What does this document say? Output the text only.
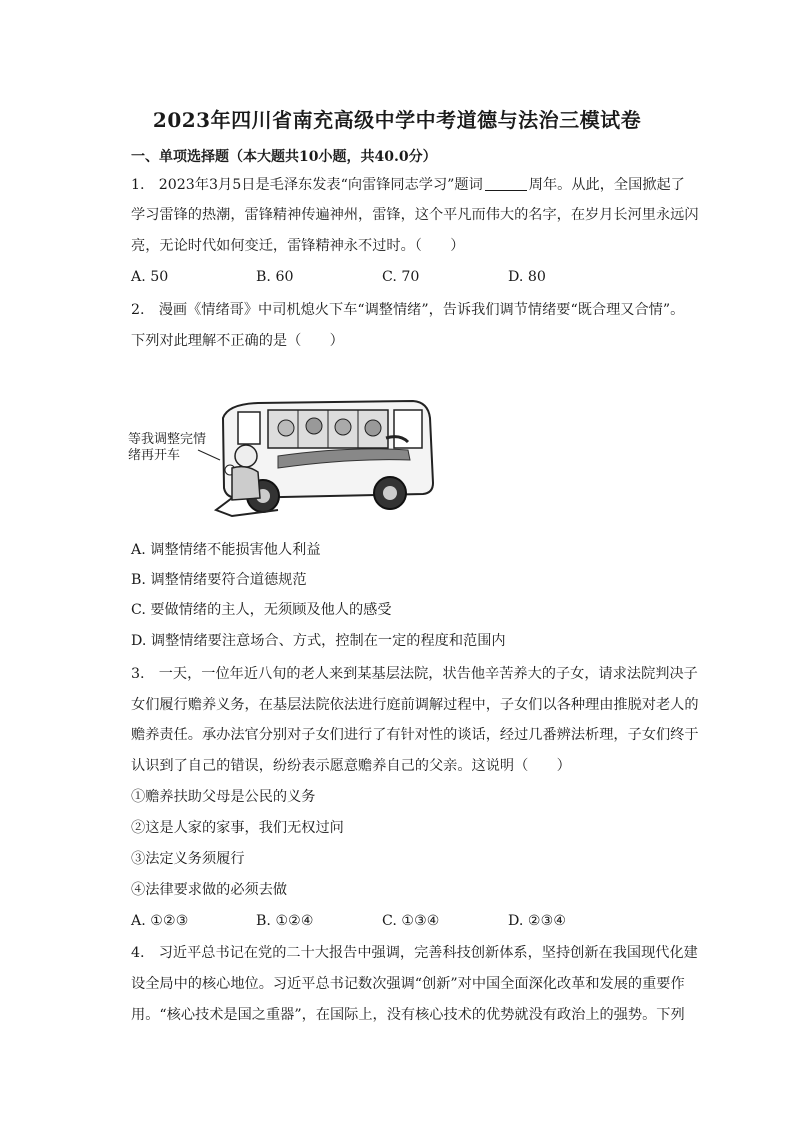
2023年四川省南充高级中学中考道德与法治三模试卷
一、单项选择题（本大题共10小题，共40.0分）
1.　2023年3月5日是毛泽东发表“向雷锋同志学习”题词	周年。从此，全国掀起了
学习雷锋的热潮，雷锋精神传遍神州，雷锋，这个平凡而伟大的名字，在岁月长河里永远闪
亮，无论时代如何变迁，雷锋精神永不过时。（　　）
A. 50	B. 60	C. 70	D. 80
2.　漫画《情绪哥》中司机熄火下车“调整情绪”，告诉我们调节情绪要“既合理又合情”。
下列对此理解不正确的是（　　）
等我调整完情绪再开车
A. 调整情绪不能损害他人利益
B. 调整情绪要符合道德规范
C. 要做情绪的主人，无须顾及他人的感受
D. 调整情绪要注意场合、方式，控制在一定的程度和范围内
3.　一天，一位年近八旬的老人来到某基层法院，状告他辛苦养大的子女，请求法院判决子
女们履行赡养义务，在基层法院依法进行庭前调解过程中，子女们以各种理由推脱对老人的
赡养责任。承办法官分别对子女们进行了有针对性的谈话，经过几番辨法析理，子女们终于
认识到了自己的错误，纷纷表示愿意赡养自己的父亲。这说明（　　）
①赡养扶助父母是公民的义务
②这是人家的家事，我们无权过问
③法定义务须履行
④法律要求做的必须去做
A. ①②③	B. ①②④	C. ①③④	D. ②③④
4.　习近平总书记在党的二十大报告中强调，完善科技创新体系，坚持创新在我国现代化建
设全局中的核心地位。习近平总书记数次强调“创新”对中国全面深化改革和发展的重要作
用。“核心技术是国之重器”，在国际上，没有核心技术的优势就没有政治上的强势。下列
